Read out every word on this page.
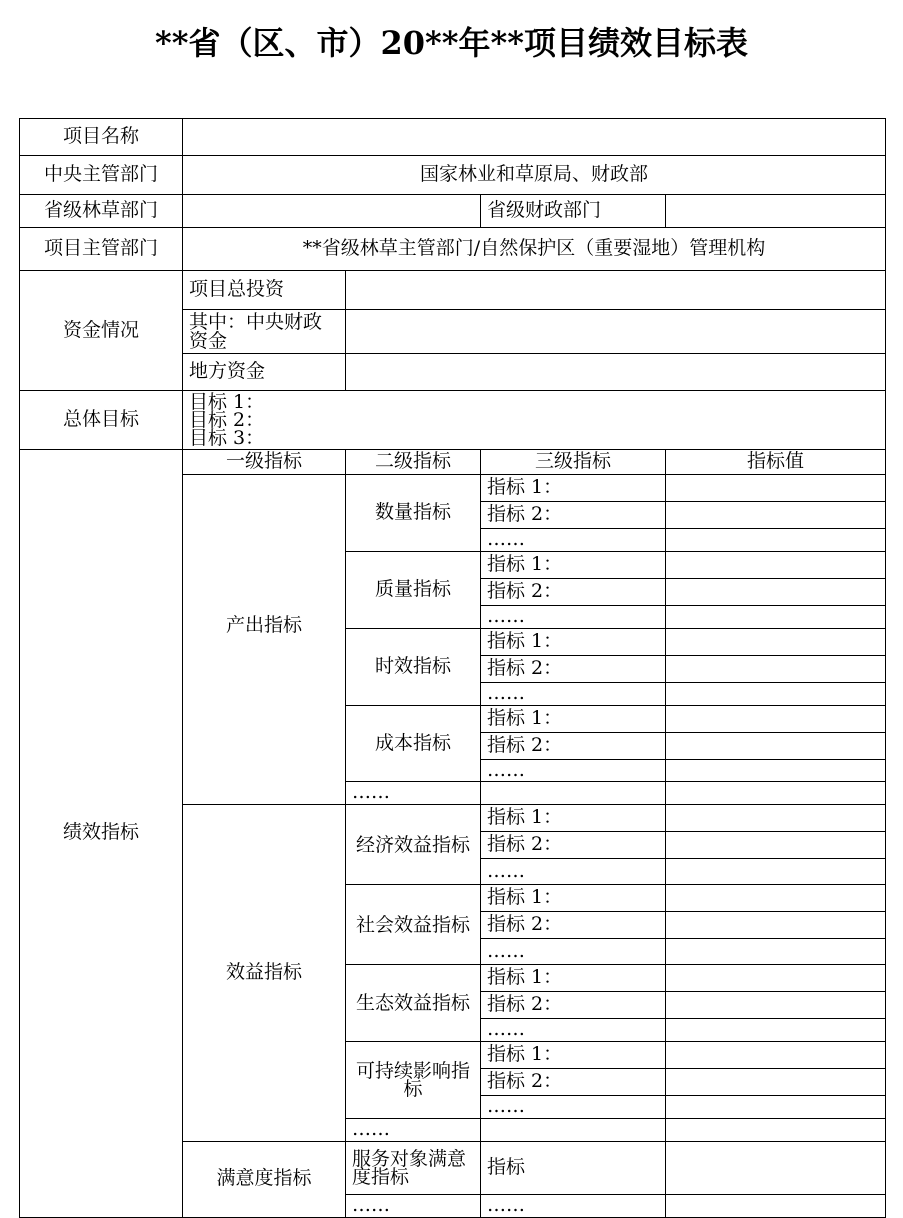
**省（区、市）20**年**项目绩效目标表
项目名称				
中央主管部门	国家林业和草原局、财政部			
省级林草部门			省级财政部门	
项目主管部门	**省级林草主管部门/自然保护区（重要湿地）管理机构			
资金情况	项目总投资			
	其中：中央财政资金			
	地方资金			
总体目标	目标 1：
目标 2：
目标 3：			

绩效指标	一级指标	二级指标	三级指标	指标值
	产出指标	数量指标	指标 1：	
			指标 2：	
			……	
		质量指标	指标 1：	
			指标 2：	
			……	
		时效指标	指标 1：	
			指标 2：	
			……	
		成本指标	指标 1：	
			指标 2：	
			……	
		……		
	效益指标	经济效益指标	指标 1：	
			指标 2：	
			……	
		社会效益指标	指标 1：	
			指标 2：	
			……	
		生态效益指标	指标 1：	
			指标 2：	
			……	
		可持续影响指标	指标 1：	
			指标 2：	
			……	
		……		
	满意度指标	服务对象满意度指标	指标	
		……	……	
